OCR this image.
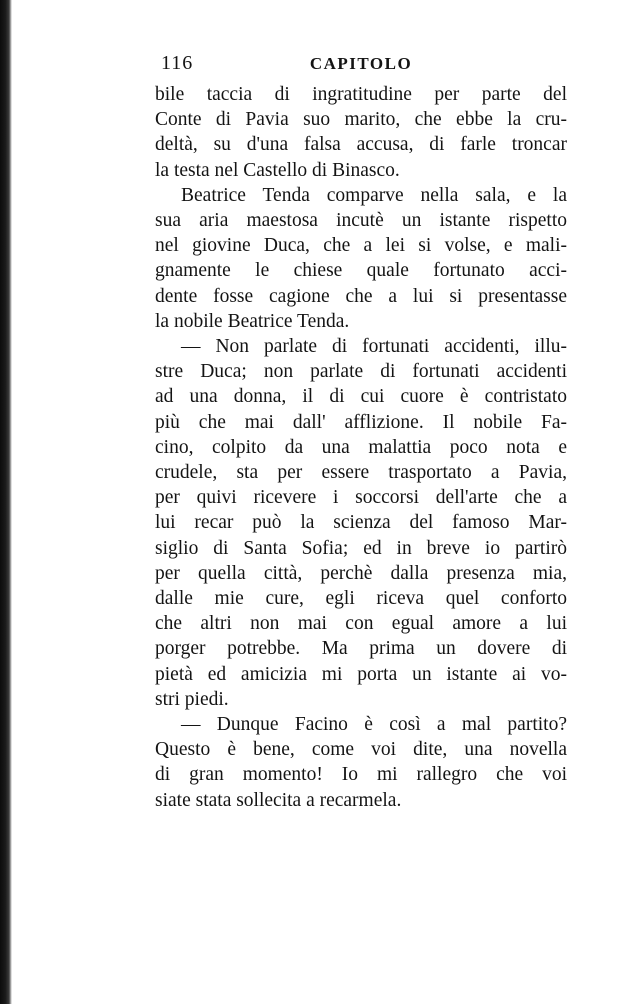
116	CAPITOLO
bile taccia di ingratitudine per parte del
Conte di Pavia suo marito, che ebbe la cru-
deltà, su d'una falsa accusa, di farle troncar
la testa nel Castello di Binasco.
Beatrice Tenda comparve nella sala, e la
sua aria maestosa incutè un istante rispetto
nel giovine Duca, che a lei si volse, e mali-
gnamente le chiese quale fortunato acci-
dente fosse cagione che a lui si presentasse
la nobile Beatrice Tenda.
— Non parlate di fortunati accidenti, illu-
stre Duca; non parlate di fortunati accidenti
ad una donna, il di cui cuore è contristato
più che mai dall' afflizione. Il nobile Fa-
cino, colpito da una malattia poco nota e
crudele, sta per essere trasportato a Pavia,
per quivi ricevere i soccorsi dell'arte che a
lui recar può la scienza del famoso Mar-
siglio di Santa Sofia; ed in breve io partirò
per quella città, perchè dalla presenza mia,
dalle mie cure, egli riceva quel conforto
che altri non mai con egual amore a lui
porger potrebbe. Ma prima un dovere di
pietà ed amicizia mi porta un istante ai vo-
stri piedi.
— Dunque Facino è così a mal partito?
Questo è bene, come voi dite, una novella
di gran momento! Io mi rallegro che voi
siate stata sollecita a recarmela.
